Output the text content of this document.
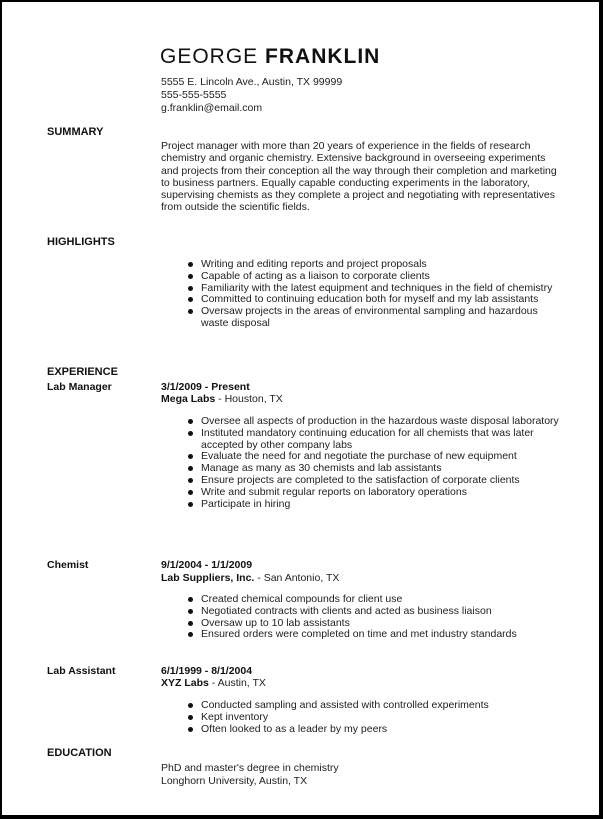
GEORGE FRANKLIN
5555 E. Lincoln Ave., Austin, TX 99999
555-555-5555
g.franklin@email.com
SUMMARY
Project manager with more than 20 years of experience in the fields of research chemistry and organic chemistry. Extensive background in overseeing experiments and projects from their conception all the way through their completion and marketing to business partners. Equally capable conducting experiments in the laboratory, supervising chemists as they complete a project and negotiating with representatives from outside the scientific fields.
HIGHLIGHTS
Writing and editing reports and project proposals
Capable of acting as a liaison to corporate clients
Familiarity with the latest equipment and techniques in the field of chemistry
Committed to continuing education both for myself and my lab assistants
Oversaw projects in the areas of environmental sampling and hazardous waste disposal
EXPERIENCE
Lab Manager	3/1/2009 - Present
Mega Labs - Houston, TX
Oversee all aspects of production in the hazardous waste disposal laboratory
Instituted mandatory continuing education for all chemists that was later accepted by other company labs
Evaluate the need for and negotiate the purchase of new equipment
Manage as many as 30 chemists and lab assistants
Ensure projects are completed to the satisfaction of corporate clients
Write and submit regular reports on laboratory operations
Participate in hiring
Chemist	9/1/2004 - 1/1/2009
Lab Suppliers, Inc. - San Antonio, TX
Created chemical compounds for client use
Negotiated contracts with clients and acted as business liaison
Oversaw up to 10 lab assistants
Ensured orders were completed on time and met industry standards
Lab Assistant	6/1/1999 - 8/1/2004
XYZ Labs - Austin, TX
Conducted sampling and assisted with controlled experiments
Kept inventory
Often looked to as a leader by my peers
EDUCATION
PhD and master's degree in chemistry
Longhorn University, Austin, TX
